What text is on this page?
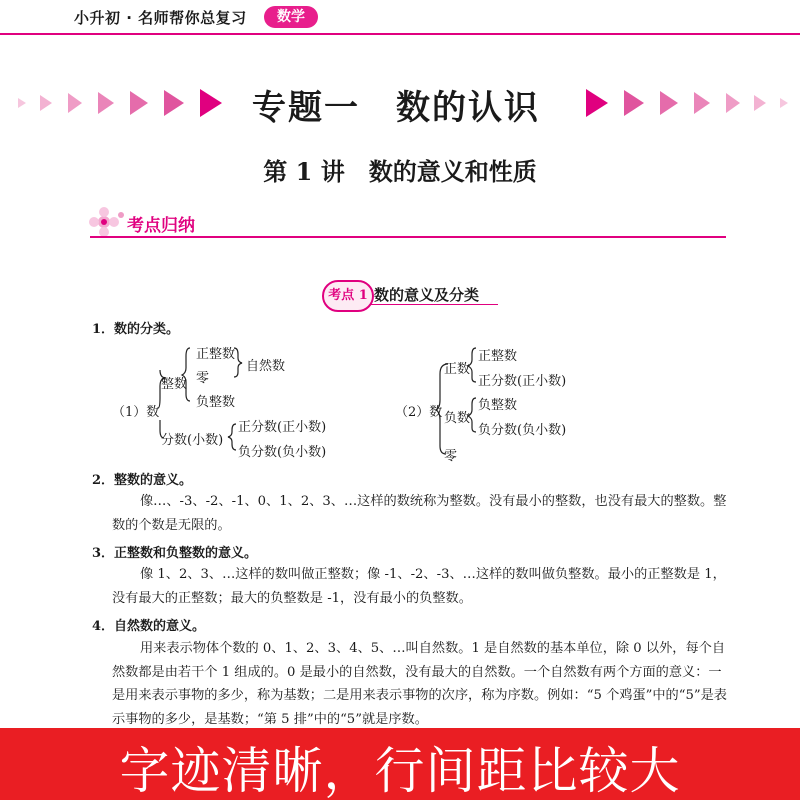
小升初 · 名师帮你总复习	数学
专题一　数的认识
第 1 讲　数的意义和性质
考点归纳
考点 1 数的意义及分类
1．数的分类。
（1）数
整数
正整数
零
自然数
负整数
分数(小数)
正分数(正小数)
负分数(负小数)
（2）数
正数
正整数
正分数(正小数)
负数
负整数
负分数(负小数)
零
2．整数的意义。
像…、-3、-2、-1、0、1、2、3、…这样的数统称为整数。没有最小的整数，也没有最大的整数。整数的个数是无限的。
3．正整数和负整数的意义。
像 1、2、3、…这样的数叫做正整数；像 -1、-2、-3、…这样的数叫做负整数。最小的正整数是 1，没有最大的正整数；最大的负整数是 -1，没有最小的负整数。
4．自然数的意义。
用来表示物体个数的 0、1、2、3、4、5、…叫自然数。1 是自然数的基本单位，除 0 以外，每个自然数都是由若干个 1 组成的。0 是最小的自然数，没有最大的自然数。一个自然数有两个方面的意义：一是用来表示事物的多少，称为基数；二是用来表示事物的次序，称为序数。例如：“5 个鸡蛋”中的“5”是表示事物的多少，是基数；“第 5 排”中的“5”就是序数。
字迹清晰，行间距比较大
